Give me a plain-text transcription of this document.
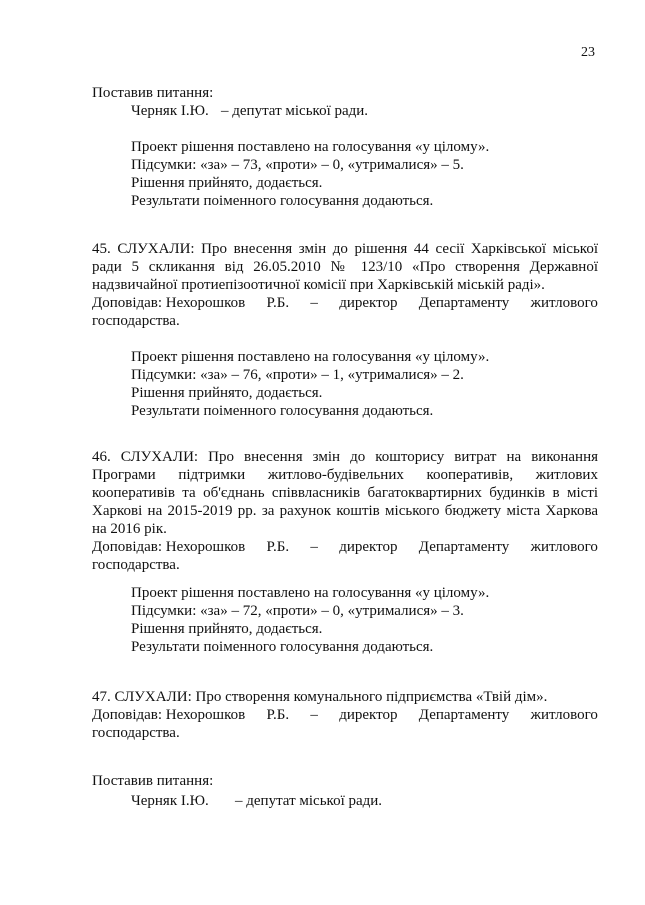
23
Поставив питання:
Черняк І.Ю. – депутат міської ради.
Проект рішення поставлено на голосування «у цілому».
Підсумки: «за» – 73, «проти» – 0, «утрималися» – 5.
Рішення прийнято, додається.
Результати поіменного голосування додаються.
45. СЛУХАЛИ: Про внесення змін до рішення 44 сесії Харківської міської
ради 5 скликання від 26.05.2010 № 123/10 «Про створення Державної
надзвичайної протиепізоотичної комісії при Харківській міській раді».
Доповідав: Нехорошков Р.Б. – директор Департаменту житлового
господарства.
Проект рішення поставлено на голосування «у цілому».
Підсумки: «за» – 76, «проти» – 1, «утрималися» – 2.
Рішення прийнято, додається.
Результати поіменного голосування додаються.
46. СЛУХАЛИ: Про внесення змін до кошторису витрат на виконання
Програми підтримки житлово-будівельних кооперативів, житлових
кооперативів та об'єднань співвласників багатоквартирних будинків в місті
Харкові на 2015-2019 рр. за рахунок коштів міського бюджету міста Харкова
на 2016 рік.
Доповідав: Нехорошков Р.Б. – директор Департаменту житлового
господарства.
Проект рішення поставлено на голосування «у цілому».
Підсумки: «за» – 72, «проти» – 0, «утрималися» – 3.
Рішення прийнято, додається.
Результати поіменного голосування додаються.
47. СЛУХАЛИ: Про створення комунального підприємства «Твій дім».
Доповідав: Нехорошков Р.Б. – директор Департаменту житлового
господарства.
Поставив питання:
Черняк І.Ю. – депутат міської ради.
